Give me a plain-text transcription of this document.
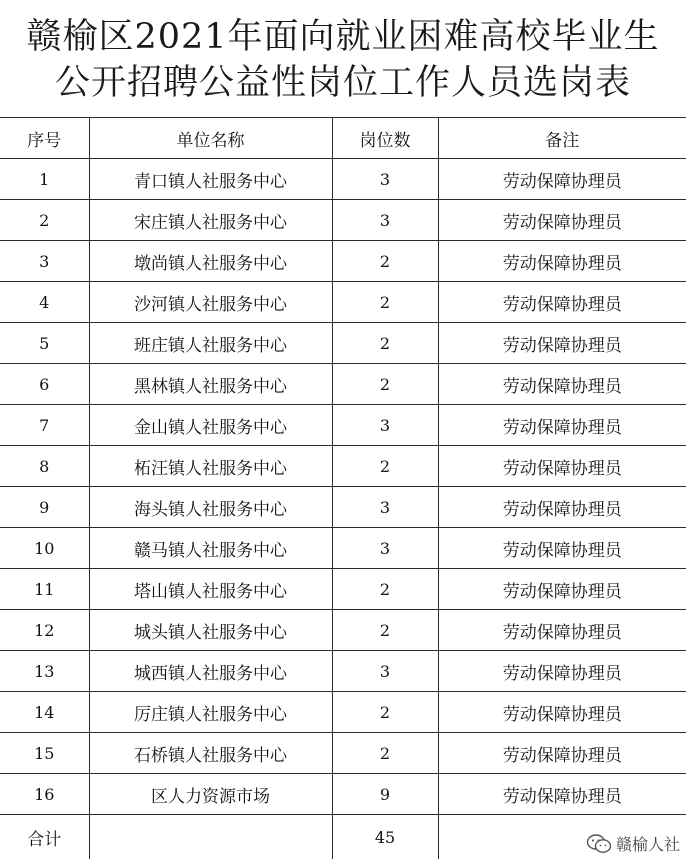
赣榆区2021年面向就业困难高校毕业生
公开招聘公益性岗位工作人员选岗表
序号	单位名称	岗位数	备注
1	青口镇人社服务中心	3	劳动保障协理员
2	宋庄镇人社服务中心	3	劳动保障协理员
3	墩尚镇人社服务中心	2	劳动保障协理员
4	沙河镇人社服务中心	2	劳动保障协理员
5	班庄镇人社服务中心	2	劳动保障协理员
6	黑林镇人社服务中心	2	劳动保障协理员
7	金山镇人社服务中心	3	劳动保障协理员
8	柘汪镇人社服务中心	2	劳动保障协理员
9	海头镇人社服务中心	3	劳动保障协理员
10	赣马镇人社服务中心	3	劳动保障协理员
11	塔山镇人社服务中心	2	劳动保障协理员
12	城头镇人社服务中心	2	劳动保障协理员
13	城西镇人社服务中心	3	劳动保障协理员
14	厉庄镇人社服务中心	2	劳动保障协理员
15	石桥镇人社服务中心	2	劳动保障协理员
16	区人力资源市场	9	劳动保障协理员
合计		45		赣榆人社
